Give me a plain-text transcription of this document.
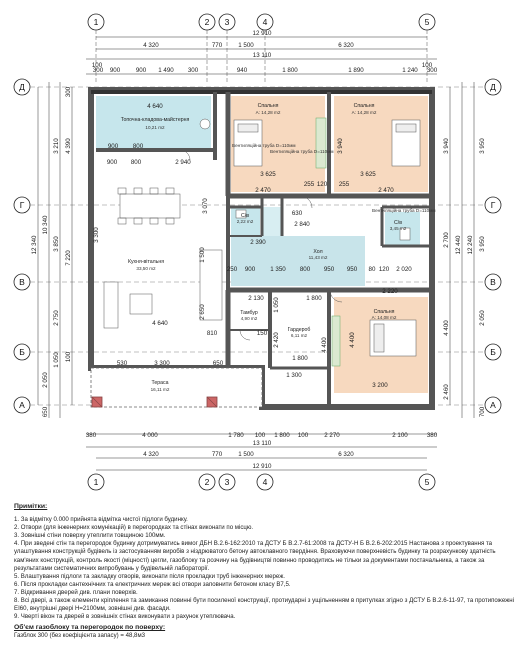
1	2 3	4	5
1	2 3	4	5
Д
Г
В
Б
А
Д
Г
В
Б
А
12 910
4 320	770	1 500	6 320
13 110
100	100
300 900	900 1 490 300	940	1 800	1 890	1 240 300
380	4 000	1 780 100 1 800 100	2 270	2 100	380
13 110
4 320	770	1 500	6 320
12 910
12 340
10 340
3 210
3 850
2 750
1 050
2 050
650
4 390
7 220
100
300
3 940
2 700
4 400
2 460
12 440 12 240
3 950
3 950
2 050
700
Топочна-кладова-майстерня
10,21 m2
Спальня
A: 14,28 m2
Спальня
A: 14,28 m2
Кухня-вітальня
33,50 m2
С/в
2,22 m2	С/в
3,45 m2
Хол
11,43 m2
Тамбур
4,90 m2
Гардероб
6,11 m2
Спальня
A: 14,08 m2
Тераса
16,11 m2
Вентиляційна труба D=110мм
Вентиляційна труба D=110мм
Вентиляційна труба D=110мм
4 640
900 800
900 800	2 940
3 070
3 625	3 625
255 120 255
2 470	2 470
3 940
630
2 840
2 390
250 900 1 350 800 950 950 80 120 2 020
4 640
2 130	1 800
810	150
1 800
1 500
2 650	1 050
2 420
2 220
3 200
4 400	4 400
530	3 300	650
1 300
3 300
Примітки:
1. За відмітку 0.000 прийнята відмітка чистої підлоги будинку.
2. Отвори (для інженерних комунікацій) в перегородках та стінах виконати по місцю.
3. Зовнішні стіни поверху утеплити товщиною 100мм.
4. При зведені стін та перегородок будинку дотримуватись вимог ДБН В.2.6-162:2010 та ДСТУ Б В.2.7-61:2008 та ДСТУ-Н Б В.2.6-202:2015 Настанова з проектування та улаштування конструкцій будівель із застосуванням виробів з ніздрюватого бетону автоклавного твердіння. Враховуючи поверхневість будинку та розрахункову здатність кам'яних конструкцій, контроль якості (міцності) цегли, газоблоку та розчину на будівництві повинно проводитись не тільки за документами постачальника, а також за результатами систематичних випробувань у будівельній лабораторії.
5. Влаштування підлоги та закладку отворів, виконати після прокладки труб інженерних мереж.
6. Після прокладки сантехнічних та електричних мереж всі отвори заповнити бетоном класу В7,5.
7. Відкривання дверей див. плани поверхів.
8. Всі двері, а також елементи кріплення та замикання повинні бути посиленої конструкції, протиударні з ущільненням в притулках згідно з ДСТУ Б В.2.6-11-97, та протипожежні ЕІ60, внутрішні двері Н=2100мм, зовнішні див. фасади.
9. Чверті вікон та дверей в зовнішніх стінах виконувати з рахунок утеплювача.
Об'єм газоблоку та перегородок по поверху:
Газблок 300 (без коефіцієнта запасу) = 48,8м3
